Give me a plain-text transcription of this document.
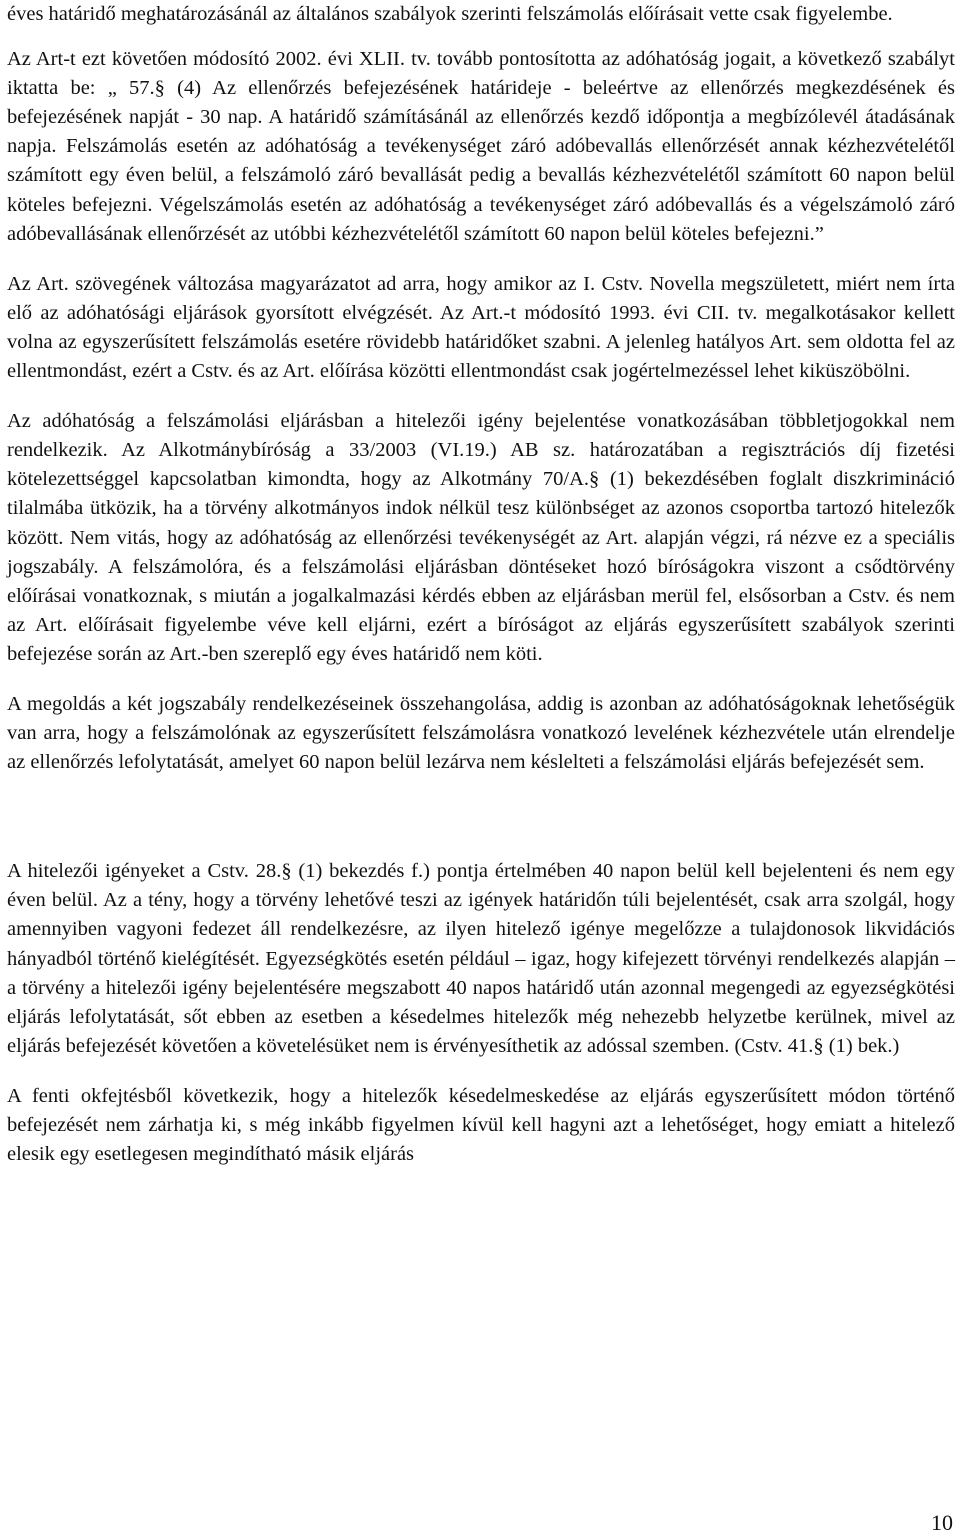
éves határidő meghatározásánál az általános szabályok szerinti felszámolás előírásait vette csak figyelembe.

Az Art-t ezt követően módosító 2002. évi XLII. tv. tovább pontosította az adóhatóság jogait, a következő szabályt iktatta be: „ 57.§ (4) Az ellenőrzés befejezésének határideje - beleértve az ellenőrzés megkezdésének és befejezésének napját - 30 nap. A határidő számításánál az ellenőrzés kezdő időpontja a megbízólevél átadásának napja. Felszámolás esetén az adóhatóság a tevékenységet záró adóbevallás ellenőrzését annak kézhezvételétől számított egy éven belül, a felszámoló záró bevallását pedig a bevallás kézhezvételétől számított 60 napon belül köteles befejezni. Végelszámolás esetén az adóhatóság a tevékenységet záró adóbevallás és a végelszámoló záró adóbevallásának ellenőrzését az utóbbi kézhezvételétől számított 60 napon belül köteles befejezni.”

Az Art. szövegének változása magyarázatot ad arra, hogy amikor az I. Cstv. Novella megszületett, miért nem írta elő az adóhatósági eljárások gyorsított elvégzését. Az Art.-t módosító 1993. évi CII. tv. megalkotásakor kellett volna az egyszerűsített felszámolás esetére rövidebb határidőket szabni. A jelenleg hatályos Art. sem oldotta fel az ellentmondást, ezért a Cstv. és az Art. előírása közötti ellentmondást csak jogértelmezéssel lehet kiküszöbölni.

Az adóhatóság a felszámolási eljárásban a hitelezői igény bejelentése vonatkozásában többletjogokkal nem rendelkezik. Az Alkotmánybíróság a 33/2003 (VI.19.) AB sz. határozatában a regisztrációs díj fizetési kötelezettséggel kapcsolatban kimondta, hogy az Alkotmány 70/A.§ (1) bekezdésében foglalt diszkrimináció tilalmába ütközik, ha a törvény alkotmányos indok nélkül tesz különbséget az azonos csoportba tartozó hitelezők között. Nem vitás, hogy az adóhatóság az ellenőrzési tevékenységét az Art. alapján végzi, rá nézve ez a speciális jogszabály. A felszámolóra, és a felszámolási eljárásban döntéseket hozó bíróságokra viszont a csődtörvény előírásai vonatkoznak, s miután a jogalkalmazási kérdés ebben az eljárásban merül fel, elsősorban a Cstv. és nem az Art. előírásait figyelembe véve kell eljárni, ezért a bíróságot az eljárás egyszerűsített szabályok szerinti befejezése során az Art.-ben szereplő egy éves határidő nem köti.

A megoldás a két jogszabály rendelkezéseinek összehangolása, addig is azonban az adóhatóságoknak lehetőségük van arra, hogy a felszámolónak az egyszerűsített felszámolásra vonatkozó levelének kézhezvétele után elrendelje az ellenőrzés lefolytatását, amelyet 60 napon belül lezárva nem késlelteti a felszámolási eljárás befejezését sem.

A hitelezői igényeket a Cstv. 28.§ (1) bekezdés f.) pontja értelmében 40 napon belül kell bejelenteni és nem egy éven belül. Az a tény, hogy a törvény lehetővé teszi az igények határidőn túli bejelentését, csak arra szolgál, hogy amennyiben vagyoni fedezet áll rendelkezésre, az ilyen hitelező igénye megelőzze a tulajdonosok likvidációs hányadból történő kielégítését. Egyezségkötés esetén például – igaz, hogy kifejezett törvényi rendelkezés alapján – a törvény a hitelezői igény bejelentésére megszabott 40 napos határidő után azonnal megengedi az egyezségkötési eljárás lefolytatását, sőt ebben az esetben a késedelmes hitelezők még nehezebb helyzetbe kerülnek, mivel az eljárás befejezését követően a követelésüket nem is érvényesíthetik az adóssal szemben. (Cstv. 41.§ (1) bek.)

A fenti okfejtésből következik, hogy a hitelezők késedelmeskedése az eljárás egyszerűsített módon történő befejezését nem zárhatja ki, s még inkább figyelmen kívül kell hagyni azt a lehetőséget, hogy emiatt a hitelező elesik egy esetlegesen megindítható másik eljárás

10
